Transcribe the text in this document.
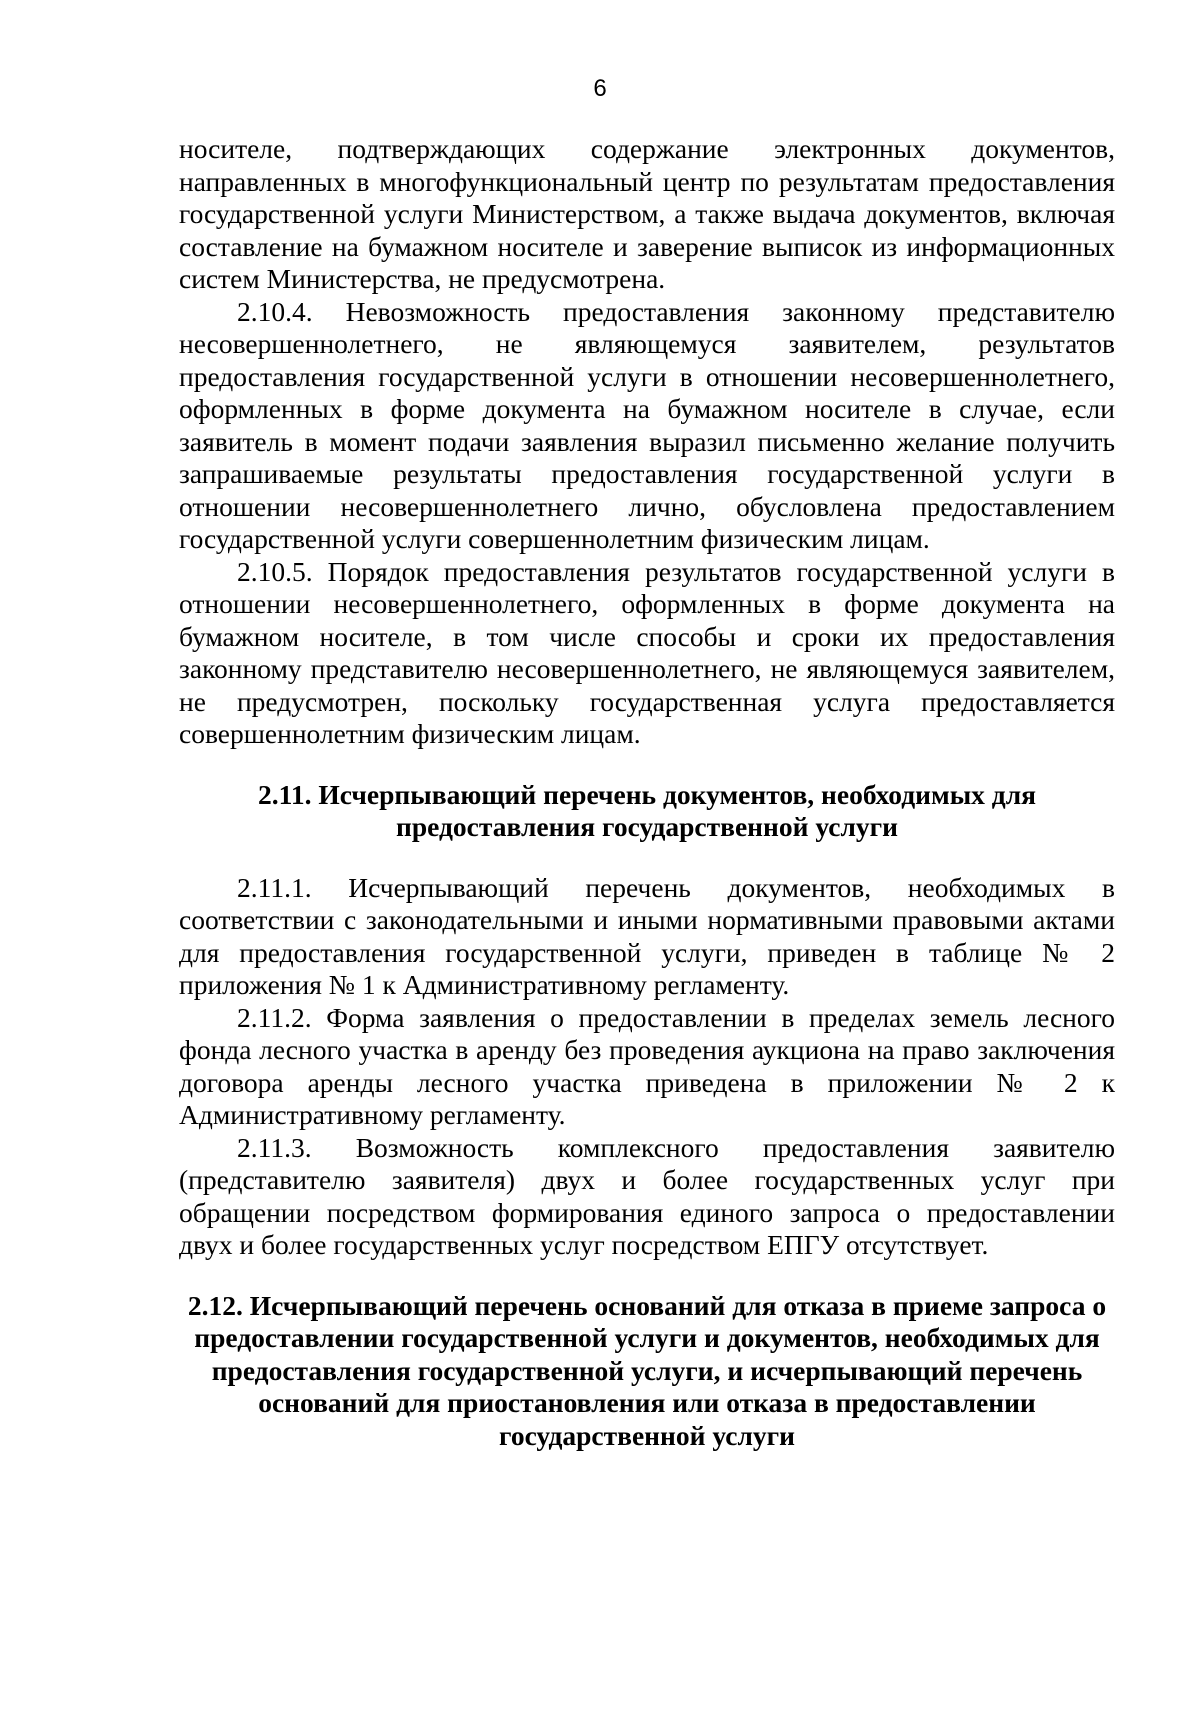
6

носителе, подтверждающих содержание электронных документов, направленных в многофункциональный центр по результатам предоставления государственной услуги Министерством, а также выдача документов, включая составление на бумажном носителе и заверение выписок из информационных систем Министерства, не предусмотрена.

2.10.4. Невозможность предоставления законному представителю несовершеннолетнего, не являющемуся заявителем, результатов предоставления государственной услуги в отношении несовершеннолетнего, оформленных в форме документа на бумажном носителе в случае, если заявитель в момент подачи заявления выразил письменно желание получить запрашиваемые результаты предоставления государственной услуги в отношении несовершеннолетнего лично, обусловлена предоставлением государственной услуги совершеннолетним физическим лицам.

2.10.5. Порядок предоставления результатов государственной услуги в отношении несовершеннолетнего, оформленных в форме документа на бумажном носителе, в том числе способы и сроки их предоставления законному представителю несовершеннолетнего, не являющемуся заявителем, не предусмотрен, поскольку государственная услуга предоставляется совершеннолетним физическим лицам.

2.11. Исчерпывающий перечень документов, необходимых для предоставления государственной услуги

2.11.1. Исчерпывающий перечень документов, необходимых в соответствии с законодательными и иными нормативными правовыми актами для предоставления государственной услуги, приведен в таблице № 2 приложения № 1 к Административному регламенту.

2.11.2. Форма заявления о предоставлении в пределах земель лесного фонда лесного участка в аренду без проведения аукциона на право заключения договора аренды лесного участка приведена в приложении № 2 к Административному регламенту.

2.11.3. Возможность комплексного предоставления заявителю (представителю заявителя) двух и более государственных услуг при обращении посредством формирования единого запроса о предоставлении двух и более государственных услуг посредством ЕПГУ отсутствует.

2.12. Исчерпывающий перечень оснований для отказа в приеме запроса о предоставлении государственной услуги и документов, необходимых для предоставления государственной услуги, и исчерпывающий перечень оснований для приостановления или отказа в предоставлении государственной услуги
